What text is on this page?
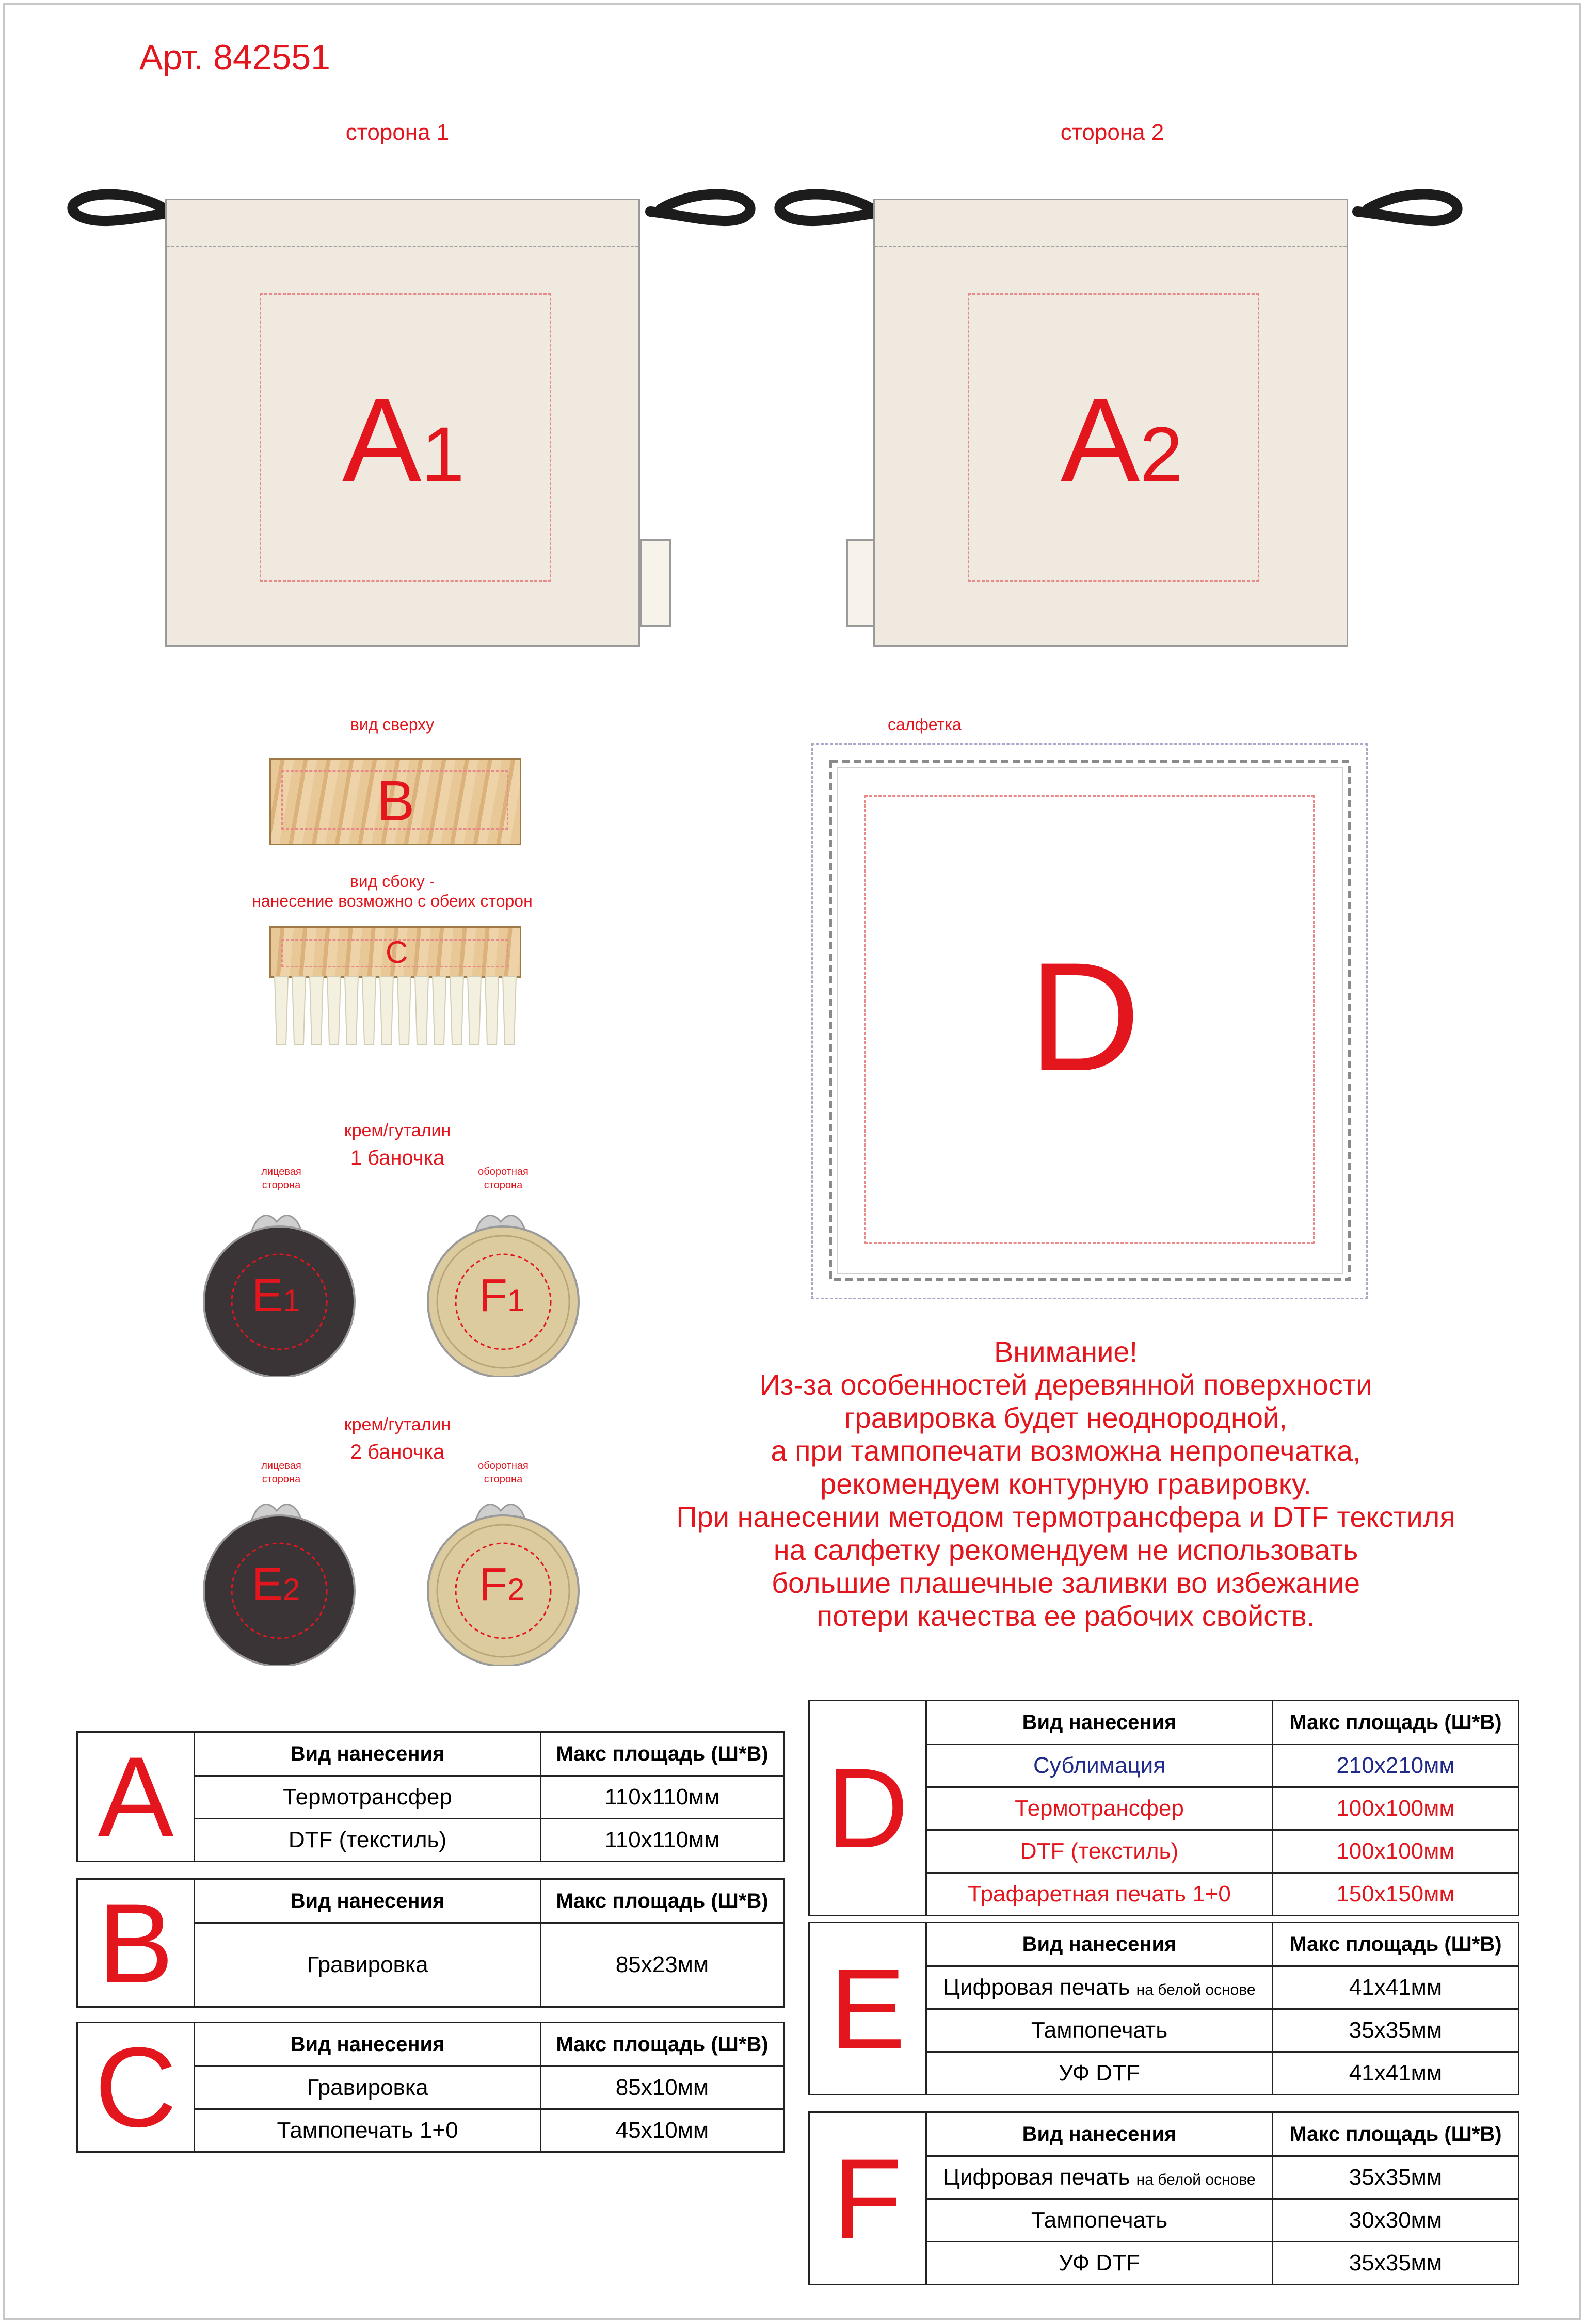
Арт. 842551
сторона 1	сторона 2
A1	A2
вид сверху
B
вид сбоку -
нанесение возможно с обеих сторон
C
крем/гуталин
1 баночка
лицевая
сторона
оборотная
сторона
E1	F1
крем/гуталин
2 баночка
лицевая
сторона
оборотная
сторона
E2	F2
салфетка
D
Внимание!
Из-за особенностей деревянной поверхности
гравировка будет неоднородной,
а при тампопечати возможна непропечатка,
рекомендуем контурную гравировку.
При нанесении методом термотрансфера и DTF текстиля
на салфетку рекомендуем не использовать
большие плашечные заливки во избежание
потери качества ее рабочих свойств.
A	Вид нанесения	Макс площадь (Ш*В)
	Термотрансфер	110x110мм
	DTF (текстиль)	110x110мм
B	Вид нанесения	Макс площадь (Ш*В)
	Гравировка	85x23мм
C	Вид нанесения	Макс площадь (Ш*В)
	Гравировка	85x10мм
	Тампопечать 1+0	45x10мм
D	Вид нанесения	Макс площадь (Ш*В)
	Сублимация	210x210мм
	Термотрансфер	100x100мм
	DTF (текстиль)	100x100мм
	Трафаретная печать 1+0	150x150мм
E	Вид нанесения	Макс площадь (Ш*В)
	Цифровая печать на белой основе	41x41мм
	Тампопечать	35x35мм
	УФ DTF	41x41мм
F	Вид нанесения	Макс площадь (Ш*В)
	Цифровая печать на белой основе	35x35мм
	Тампопечать	30x30мм
	УФ DTF	35x35мм
